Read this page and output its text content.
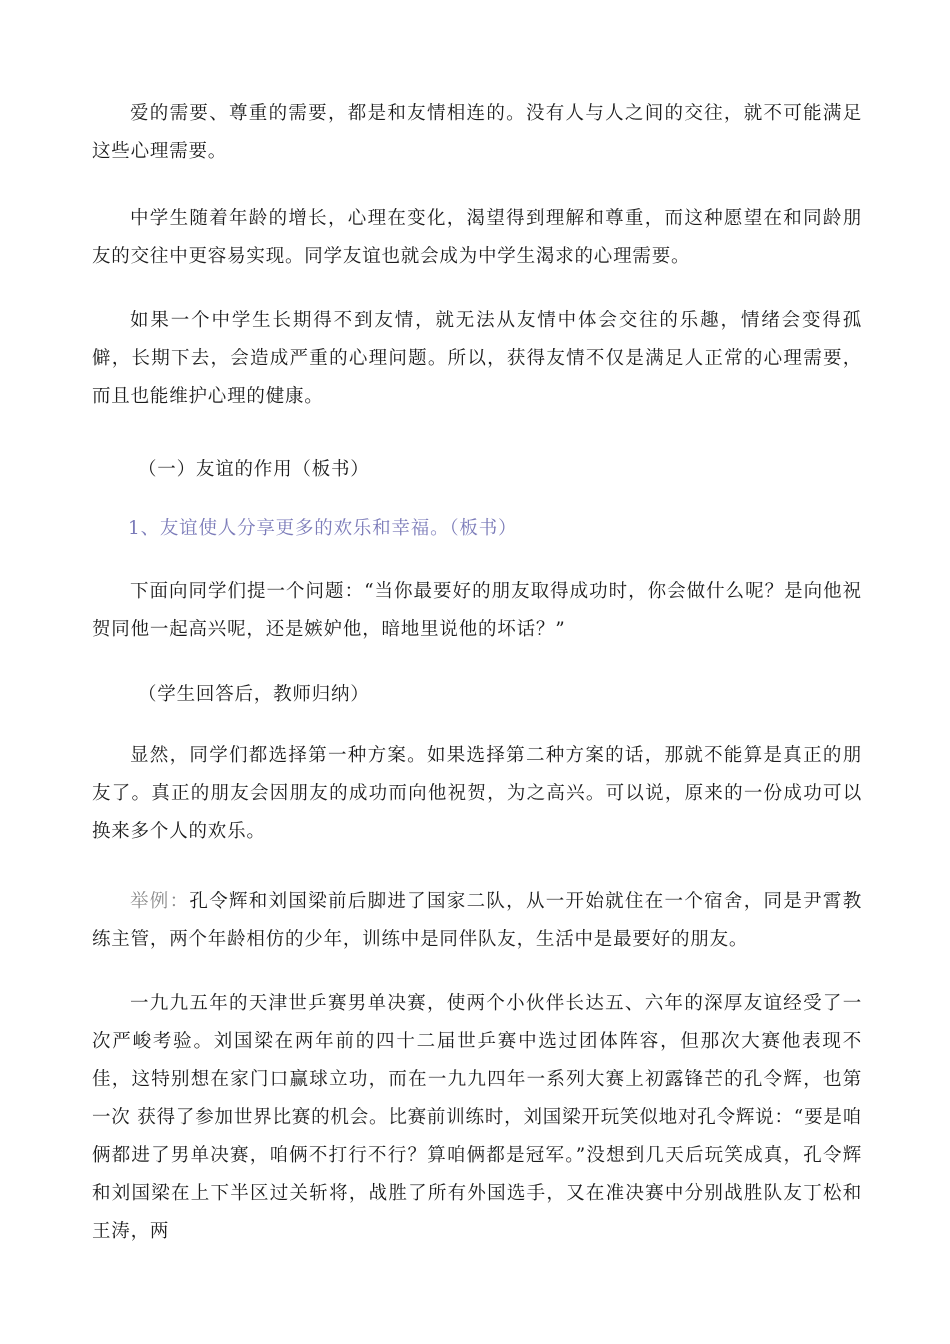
爱的需要、尊重的需要，都是和友情相连的。没有人与人之间的交往，就不可能满足这些心理需要。

中学生随着年龄的增长，心理在变化，渴望得到理解和尊重，而这种愿望在和同龄朋友的交往中更容易实现。同学友谊也就会成为中学生渴求的心理需要。

如果一个中学生长期得不到友情，就无法从友情中体会交往的乐趣，情绪会变得孤僻，长期下去，会造成严重的心理问题。所以，获得友情不仅是满足人正常的心理需要，而且也能维护心理的健康。

（一）友谊的作用（板书）

1、友谊使人分享更多的欢乐和幸福。（板书）

下面向同学们提一个问题：“当你最要好的朋友取得成功时，你会做什么呢？是向他祝贺同他一起高兴呢，还是嫉妒他，暗地里说他的坏话？”

（学生回答后，教师归纳）

显然，同学们都选择第一种方案。如果选择第二种方案的话，那就不能算是真正的朋友了。真正的朋友会因朋友的成功而向他祝贺，为之高兴。可以说，原来的一份成功可以换来多个人的欢乐。

举例：孔令辉和刘国梁前后脚进了国家二队，从一开始就住在一个宿舍，同是尹霄教练主管，两个年龄相仿的少年，训练中是同伴队友，生活中是最要好的朋友。

一九九五年的天津世乒赛男单决赛，使两个小伙伴长达五、六年的深厚友谊经受了一次严峻考验。刘国梁在两年前的四十二届世乒赛中选过团体阵容，但那次大赛他表现不佳，这特别想在家门口赢球立功，而在一九九四年一系列大赛上初露锋芒的孔令辉，也第一次 获得了参加世界比赛的机会。比赛前训练时，刘国梁开玩笑似地对孔令辉说：“要是咱俩都进了男单决赛，咱俩不打行不行？算咱俩都是冠军。”没想到几天后玩笑成真，孔令辉和刘国梁在上下半区过关斩将，战胜了所有外国选手，又在准决赛中分别战胜队友丁松和王涛，两
